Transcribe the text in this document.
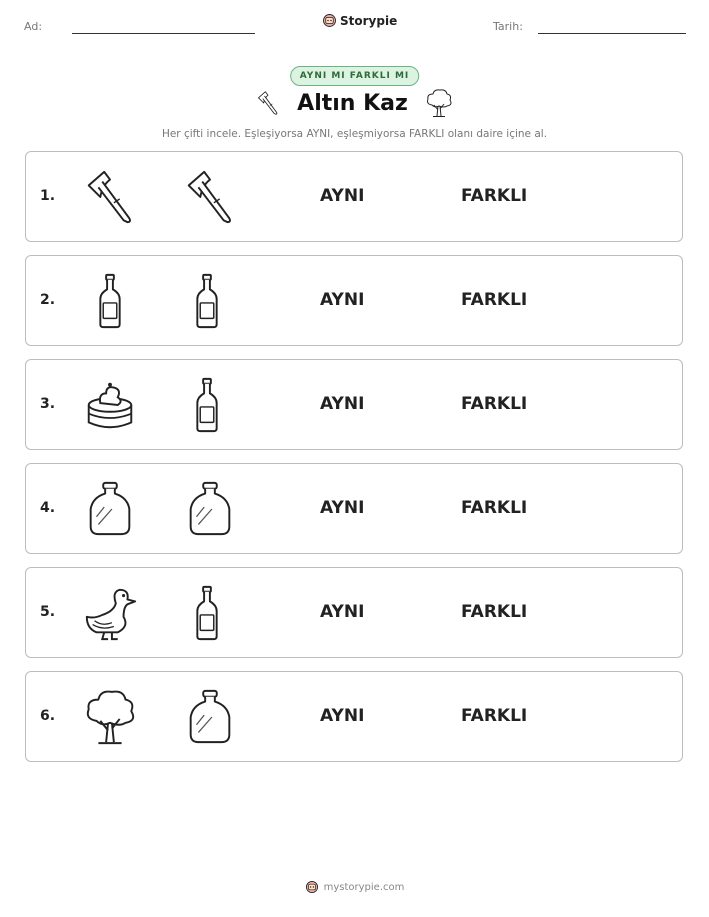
Ad:	Storypie	Tarih:
AYNI MI FARKLI MI
Altın Kaz
Her çifti incele. Eşleşiyorsa AYNI, eşleşmiyorsa FARKLI olanı daire içine al.
1.	AYNI	FARKLI
2.	AYNI	FARKLI
3.	AYNI	FARKLI
4.	AYNI	FARKLI
5.	AYNI	FARKLI
6.	AYNI	FARKLI
mystorypie.com
